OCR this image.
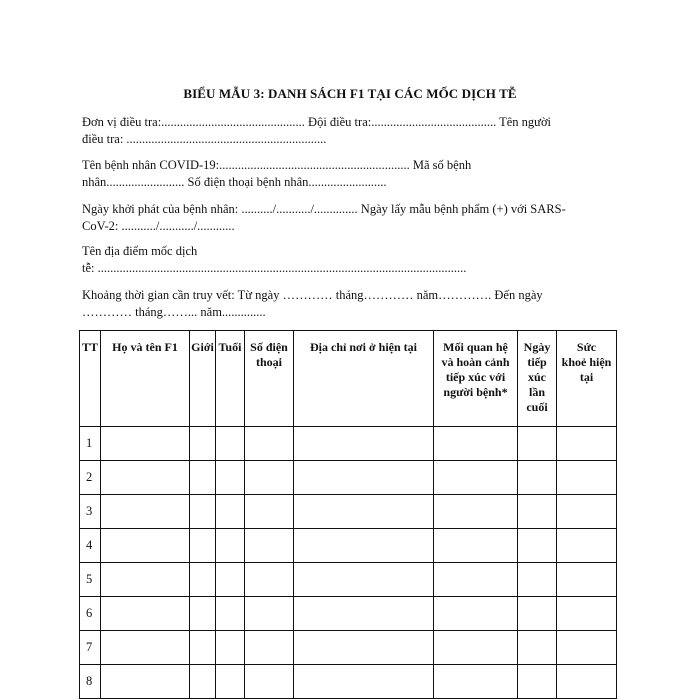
BIỂU MẪU 3: DANH SÁCH F1 TẠI CÁC MỐC DỊCH TỄ
Đơn vị điều tra:.............................................. Đội điều tra:........................................ Tên người
điều tra: ................................................................
Tên bệnh nhân COVID-19:............................................................. Mã số bệnh
nhân......................... Số điện thoại bệnh nhân.........................
Ngày khởi phát của bệnh nhân: ........../.........../.............. Ngày lấy mẫu bệnh phẩm (+) với SARS-
CoV-2: .........../.........../............
Tên địa điểm mốc dịch
tễ: ......................................................................................................................
Khoảng thời gian cần truy vết: Từ ngày ………… tháng………… năm…………. Đến ngày
………… tháng……... năm..............
TT	Họ và tên F1	Giới	Tuổi	Số điện
thoại	Địa chỉ nơi ở hiện tại	Mối quan hệ
và hoàn cảnh
tiếp xúc với
người bệnh*	Ngày
tiếp
xúc
lần
cuối	Sức
khoẻ hiện
tại

1								
2								
3								
4								
5								
6								
7								
8								
